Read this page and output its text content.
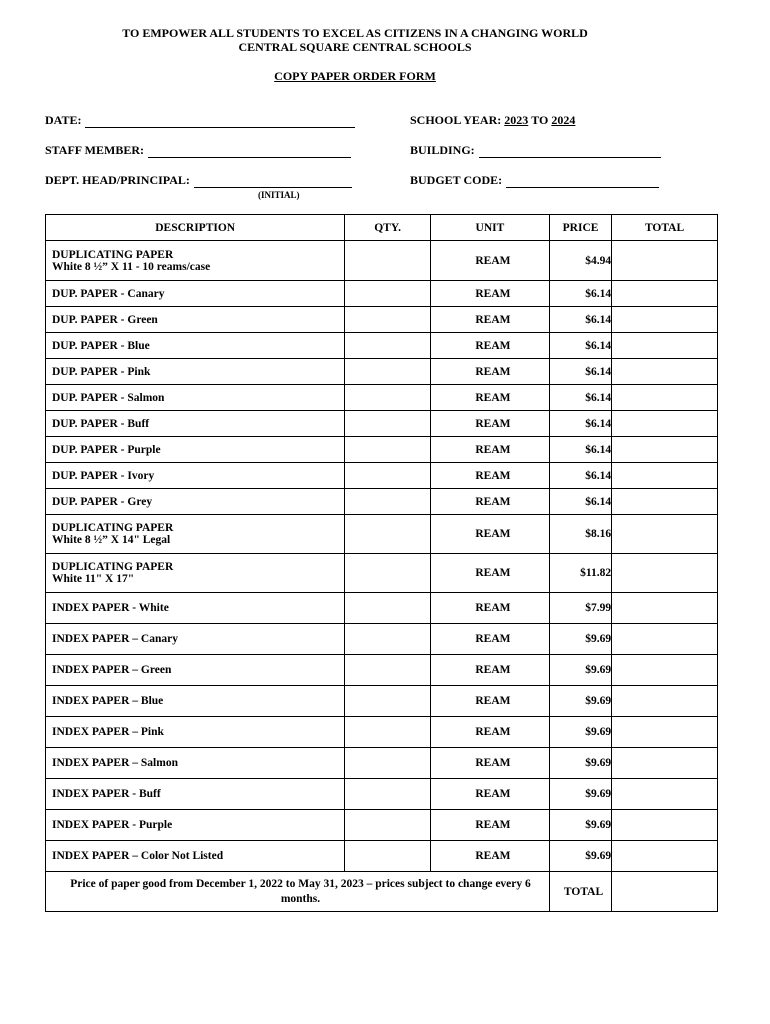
TO EMPOWER ALL STUDENTS TO EXCEL AS CITIZENS IN A CHANGING WORLD
CENTRAL SQUARE CENTRAL SCHOOLS
COPY PAPER ORDER FORM
DATE:	SCHOOL YEAR:
2023
TO
2024
STAFF MEMBER:	BUILDING:
DEPT. HEAD/PRINCIPAL:
(INITIAL)
BUDGET CODE:
DESCRIPTION	QTY.	UNIT	PRICE	TOTAL

DUPLICATING PAPER
White 8 ½” X 11 - 10 reams/case		REAM	$4.94	

DUP. PAPER - Canary		REAM	$6.14	

DUP. PAPER - Green		REAM	$6.14	

DUP. PAPER - Blue		REAM	$6.14	

DUP. PAPER - Pink		REAM	$6.14	

DUP. PAPER - Salmon		REAM	$6.14	

DUP. PAPER - Buff		REAM	$6.14	

DUP. PAPER - Purple		REAM	$6.14	

DUP. PAPER - Ivory		REAM	$6.14	

DUP. PAPER - Grey		REAM	$6.14	

DUPLICATING PAPER
White 8 ½” X 14" Legal		REAM	$8.16	

DUPLICATING PAPER
White 11" X 17"		REAM	$11.82	

INDEX PAPER - White		REAM	$7.99	

INDEX PAPER – Canary		REAM	$9.69	

INDEX PAPER – Green		REAM	$9.69	

INDEX PAPER – Blue		REAM	$9.69	

INDEX PAPER – Pink		REAM	$9.69	

INDEX PAPER – Salmon		REAM	$9.69	

INDEX PAPER - Buff		REAM	$9.69	

INDEX PAPER - Purple		REAM	$9.69	

INDEX PAPER – Color Not Listed		REAM	$9.69	
Price of paper good from December 1, 2022 to May 31, 2023 – prices subject to change every 6 months.			TOTAL	
